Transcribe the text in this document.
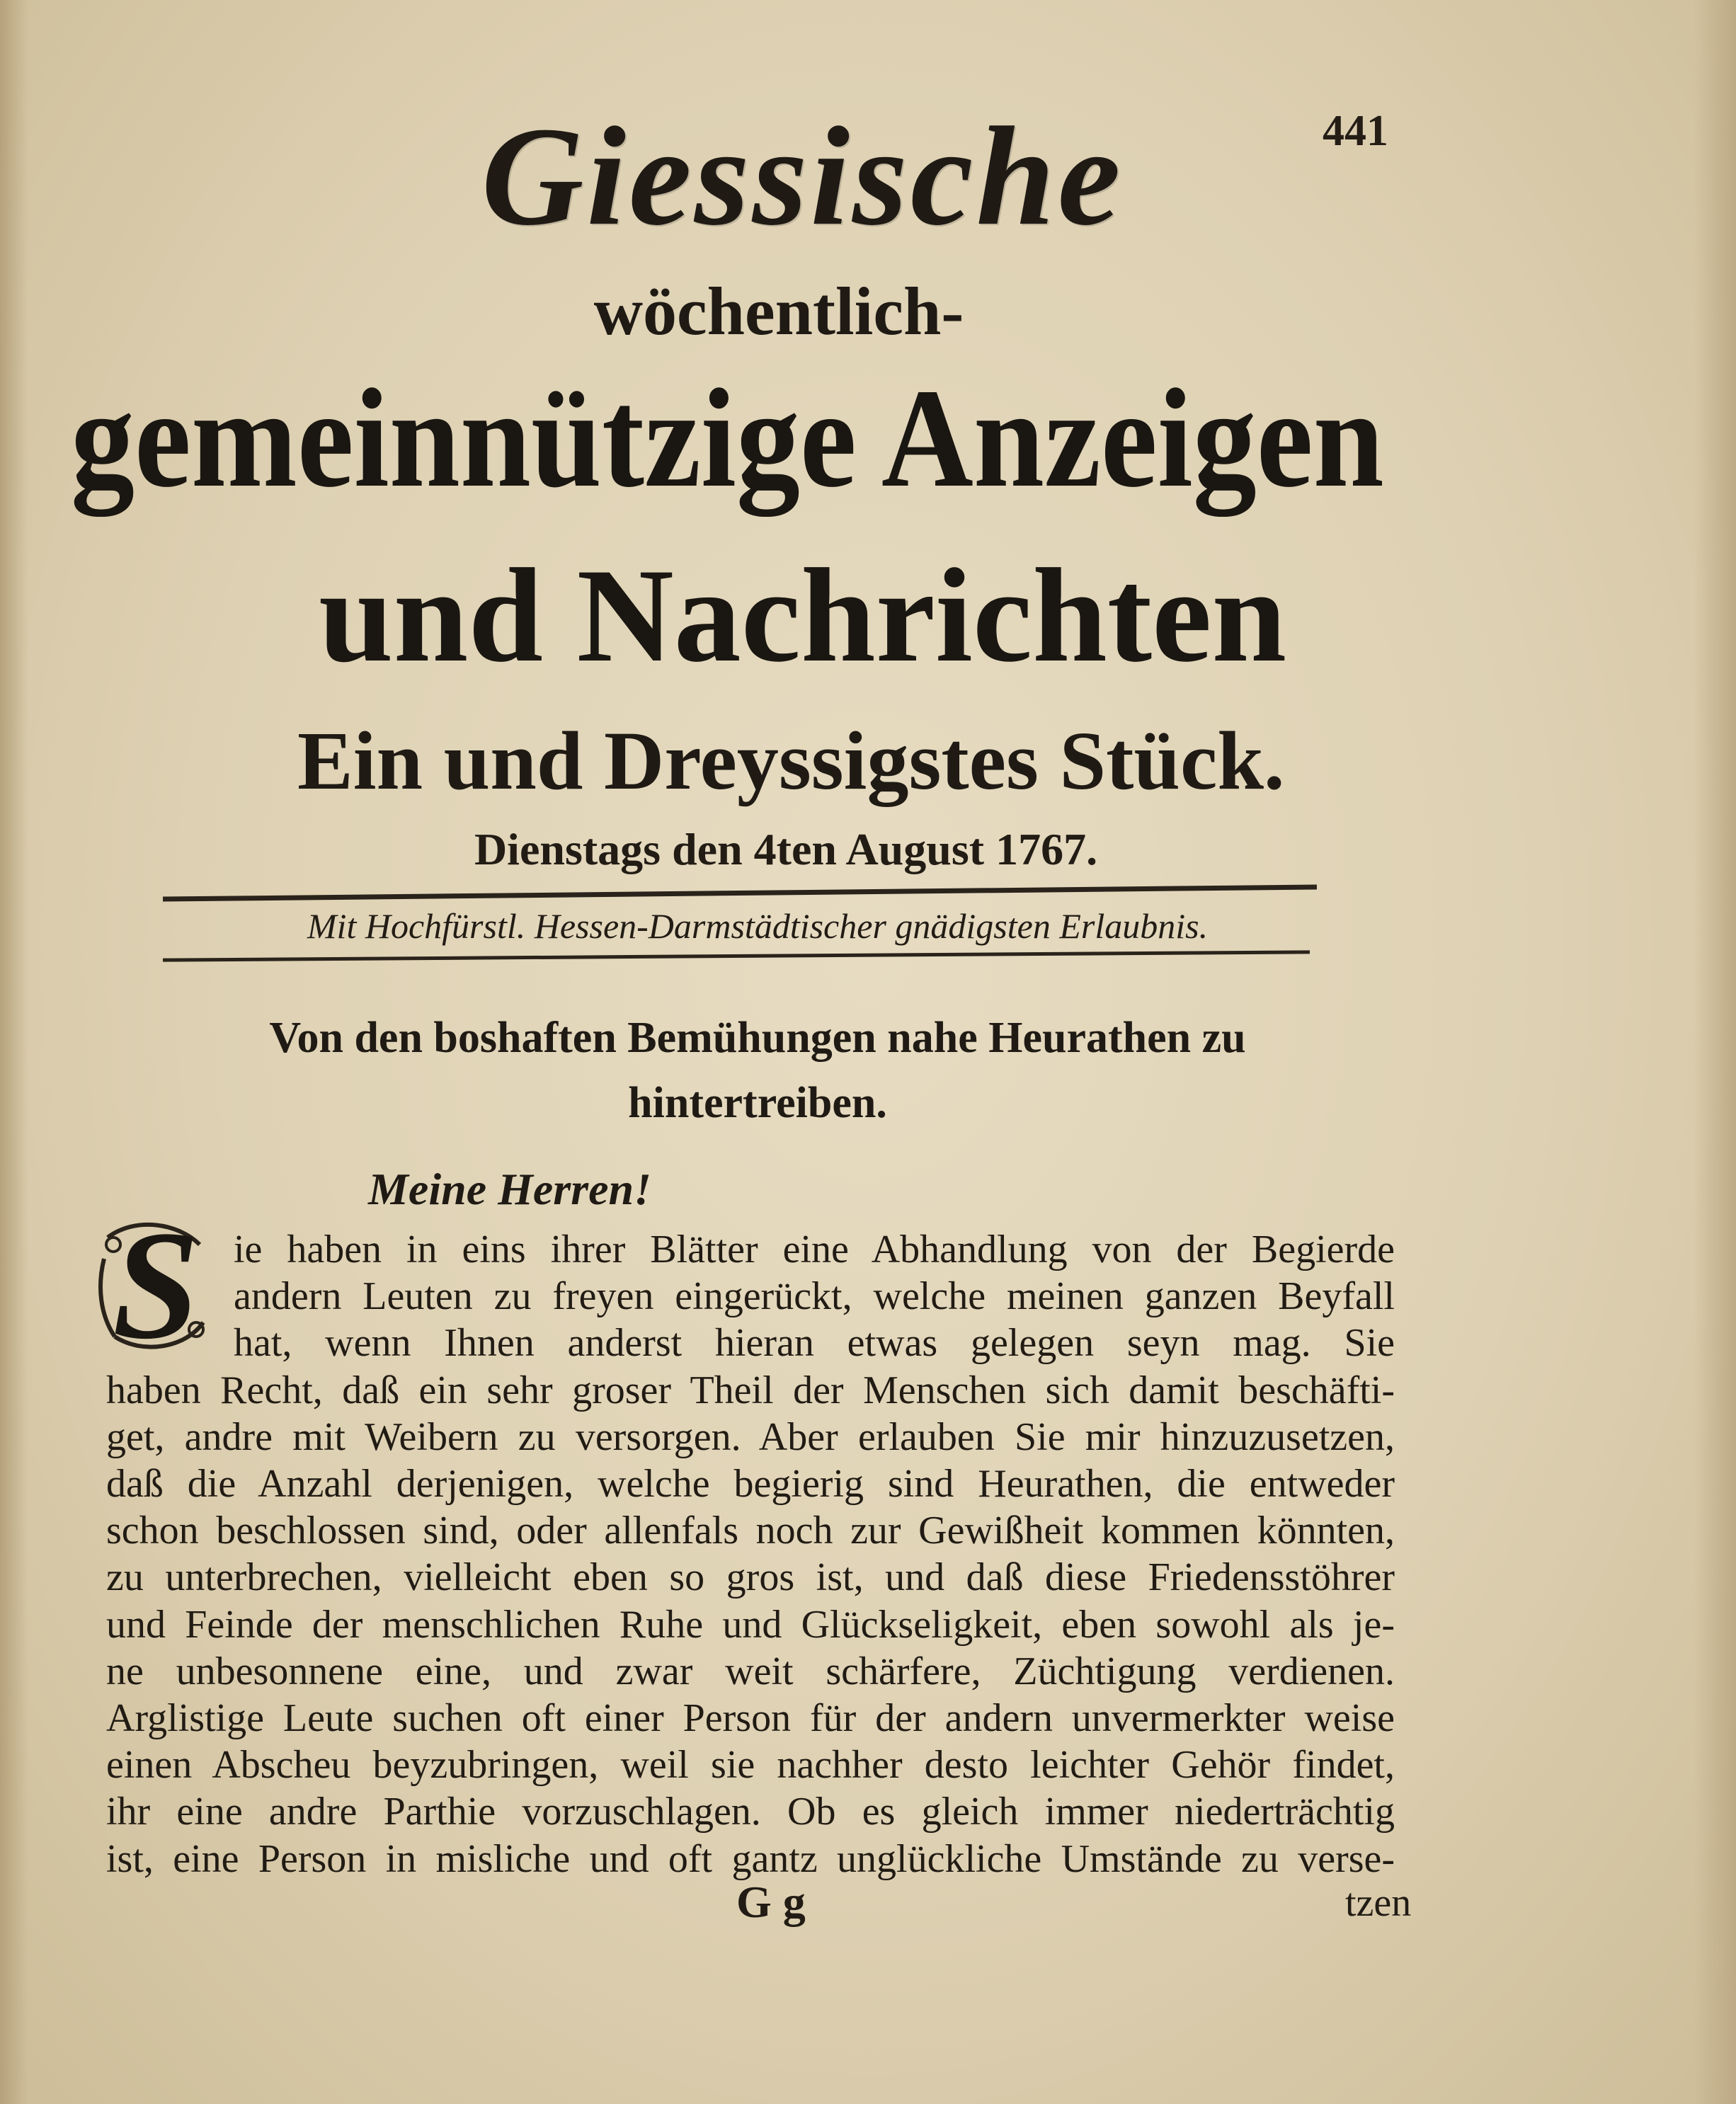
441
Giessische
wöchentlich-
gemeinnützige Anzeigen
und Nachrichten
Ein und Dreyssigstes Stück.
Dienstags den 4ten August 1767.
Mit Hochfürstl. Hessen-Darmstädtischer gnädigsten Erlaubnis.
Von den boshaften Bemühungen nahe Heurathen zu hintertreiben.
Meine Herren!
S ie haben in eins ihrer Blätter eine Abhandlung von der Begierde
andern Leuten zu freyen eingerückt, welche meinen ganzen Beyfall
hat, wenn Ihnen anderst hieran etwas gelegen seyn mag. Sie
haben Recht, daß ein sehr groser Theil der Menschen sich damit beschäfti-
get, andre mit Weibern zu versorgen. Aber erlauben Sie mir hinzuzusetzen,
daß die Anzahl derjenigen, welche begierig sind Heurathen, die entweder
schon beschlossen sind, oder allenfals noch zur Gewißheit kommen könnten,
zu unterbrechen, vielleicht eben so gros ist, und daß diese Friedensstöhrer
und Feinde der menschlichen Ruhe und Glückseligkeit, eben sowohl als je-
ne unbesonnene eine, und zwar weit schärfere, Züchtigung verdienen.
Arglistige Leute suchen oft einer Person für der andern unvermerkter weise
einen Abscheu beyzubringen, weil sie nachher desto leichter Gehör findet,
ihr eine andre Parthie vorzuschlagen. Ob es gleich immer niederträchtig
ist, eine Person in misliche und oft gantz unglückliche Umstände zu verse-
G g	tzen
